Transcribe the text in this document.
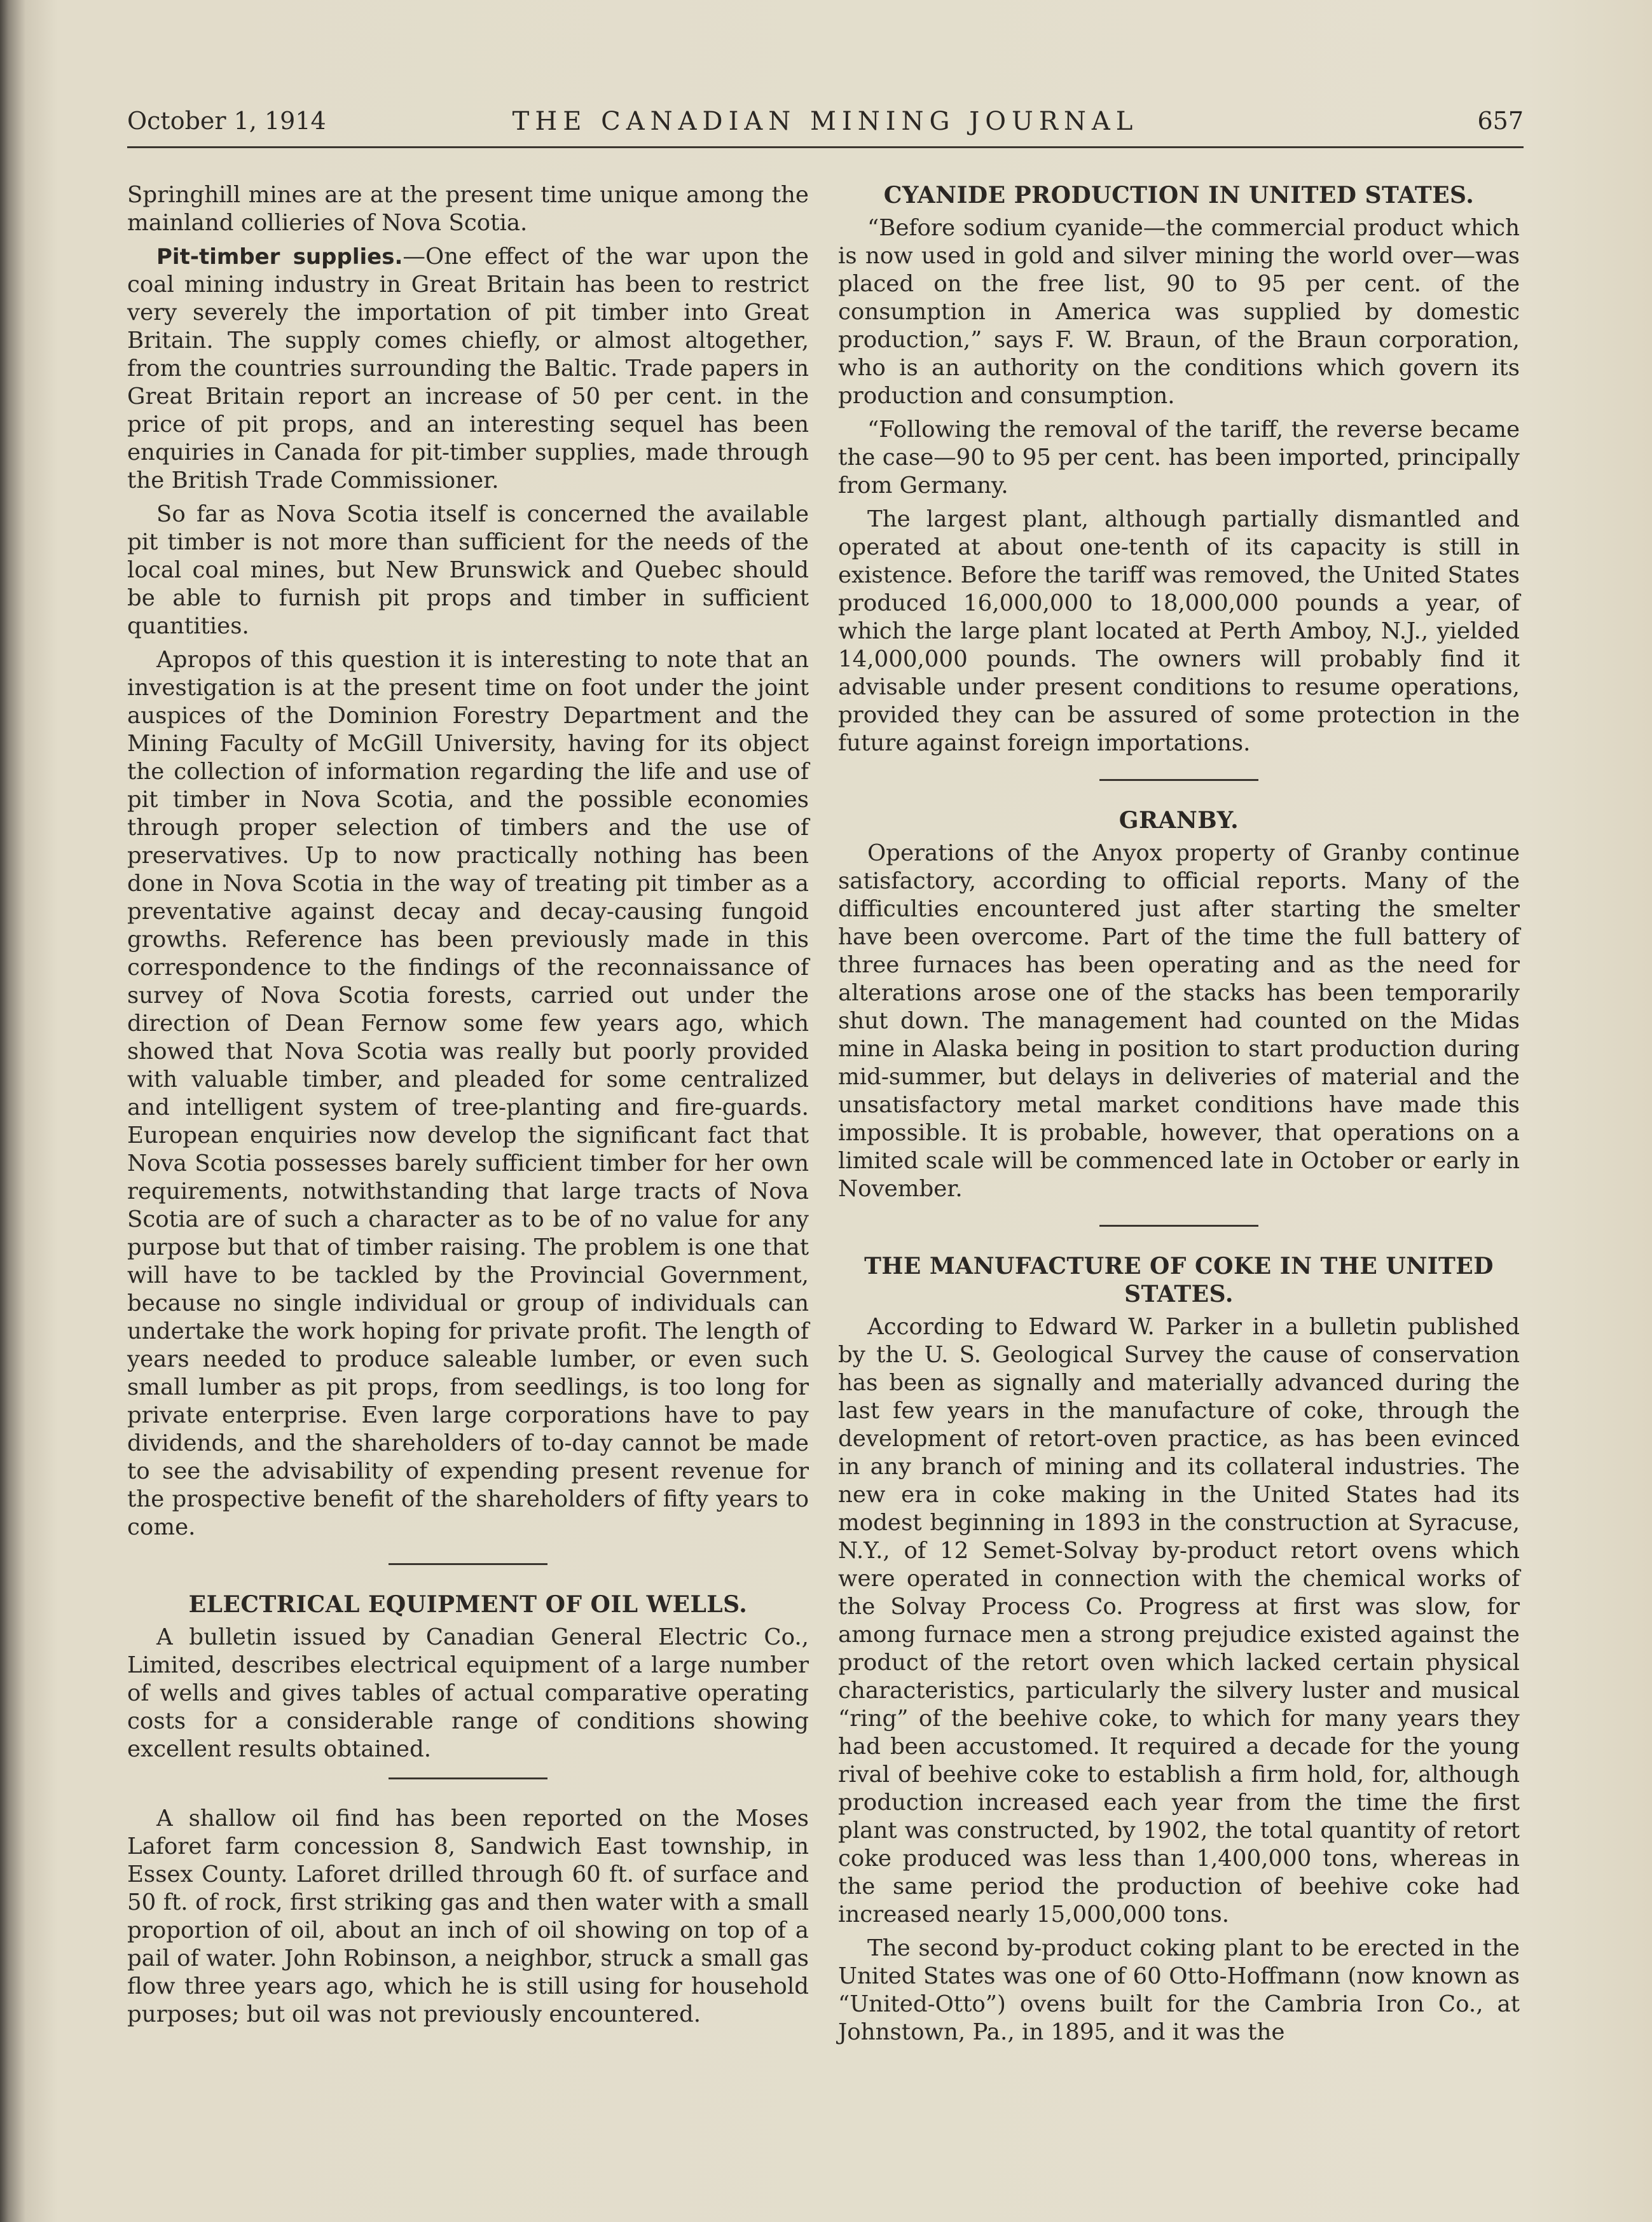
October 1, 1914	THE CANADIAN MINING JOURNAL	657

Springhill mines are at the present time unique among the mainland collieries of Nova Scotia.

Pit-timber supplies.—One effect of the war upon the coal mining industry in Great Britain has been to restrict very severely the importation of pit timber into Great Britain. The supply comes chiefly, or almost altogether, from the countries surrounding the Baltic. Trade papers in Great Britain report an increase of 50 per cent. in the price of pit props, and an interesting sequel has been enquiries in Canada for pit-timber supplies, made through the British Trade Commissioner.

So far as Nova Scotia itself is concerned the available pit timber is not more than sufficient for the needs of the local coal mines, but New Brunswick and Quebec should be able to furnish pit props and timber in sufficient quantities.

Apropos of this question it is interesting to note that an investigation is at the present time on foot under the joint auspices of the Dominion Forestry Department and the Mining Faculty of McGill University, having for its object the collection of information regarding the life and use of pit timber in Nova Scotia, and the possible economies through proper selection of timbers and the use of preservatives. Up to now practically nothing has been done in Nova Scotia in the way of treating pit timber as a preventative against decay and decay-causing fungoid growths. Reference has been previously made in this correspondence to the findings of the reconnaissance of survey of Nova Scotia forests, carried out under the direction of Dean Fernow some few years ago, which showed that Nova Scotia was really but poorly provided with valuable timber, and pleaded for some centralized and intelligent system of tree-planting and fire-guards. European enquiries now develop the significant fact that Nova Scotia possesses barely sufficient timber for her own requirements, notwithstanding that large tracts of Nova Scotia are of such a character as to be of no value for any purpose but that of timber raising. The problem is one that will have to be tackled by the Provincial Government, because no single individual or group of individuals can undertake the work hoping for private profit. The length of years needed to produce saleable lumber, or even such small lumber as pit props, from seedlings, is too long for private enterprise. Even large corporations have to pay dividends, and the shareholders of to-day cannot be made to see the advisability of expending present revenue for the prospective benefit of the shareholders of fifty years to come.

ELECTRICAL EQUIPMENT OF OIL WELLS.

A bulletin issued by Canadian General Electric Co., Limited, describes electrical equipment of a large number of wells and gives tables of actual comparative operating costs for a considerable range of conditions showing excellent results obtained.

A shallow oil find has been reported on the Moses Laforet farm concession 8, Sandwich East township, in Essex County. Laforet drilled through 60 ft. of surface and 50 ft. of rock, first striking gas and then water with a small proportion of oil, about an inch of oil showing on top of a pail of water. John Robinson, a neighbor, struck a small gas flow three years ago, which he is still using for household purposes; but oil was not previously encountered.

CYANIDE PRODUCTION IN UNITED STATES.

“Before sodium cyanide—the commercial product which is now used in gold and silver mining the world over—was placed on the free list, 90 to 95 per cent. of the consumption in America was supplied by domestic production,” says F. W. Braun, of the Braun corporation, who is an authority on the conditions which govern its production and consumption.

“Following the removal of the tariff, the reverse became the case—90 to 95 per cent. has been imported, principally from Germany.

The largest plant, although partially dismantled and operated at about one-tenth of its capacity is still in existence. Before the tariff was removed, the United States produced 16,000,000 to 18,000,000 pounds a year, of which the large plant located at Perth Amboy, N.J., yielded 14,000,000 pounds. The owners will probably find it advisable under present conditions to resume operations, provided they can be assured of some protection in the future against foreign importations.

GRANBY.

Operations of the Anyox property of Granby continue satisfactory, according to official reports. Many of the difficulties encountered just after starting the smelter have been overcome. Part of the time the full battery of three furnaces has been operating and as the need for alterations arose one of the stacks has been temporarily shut down. The management had counted on the Midas mine in Alaska being in position to start production during mid-summer, but delays in deliveries of material and the unsatisfactory metal market conditions have made this impossible. It is probable, however, that operations on a limited scale will be commenced late in October or early in November.

THE MANUFACTURE OF COKE IN THE UNITED STATES.

According to Edward W. Parker in a bulletin published by the U. S. Geological Survey the cause of conservation has been as signally and materially advanced during the last few years in the manufacture of coke, through the development of retort-oven practice, as has been evinced in any branch of mining and its collateral industries. The new era in coke making in the United States had its modest beginning in 1893 in the construction at Syracuse, N.Y., of 12 Semet-Solvay by-product retort ovens which were operated in connection with the chemical works of the Solvay Process Co. Progress at first was slow, for among furnace men a strong prejudice existed against the product of the retort oven which lacked certain physical characteristics, particularly the silvery luster and musical “ring” of the beehive coke, to which for many years they had been accustomed. It required a decade for the young rival of beehive coke to establish a firm hold, for, although production increased each year from the time the first plant was constructed, by 1902, the total quantity of retort coke produced was less than 1,400,000 tons, whereas in the same period the production of beehive coke had increased nearly 15,000,000 tons.

The second by-product coking plant to be erected in the United States was one of 60 Otto-Hoffmann (now known as “United-Otto”) ovens built for the Cambria Iron Co., at Johnstown, Pa., in 1895, and it was the
